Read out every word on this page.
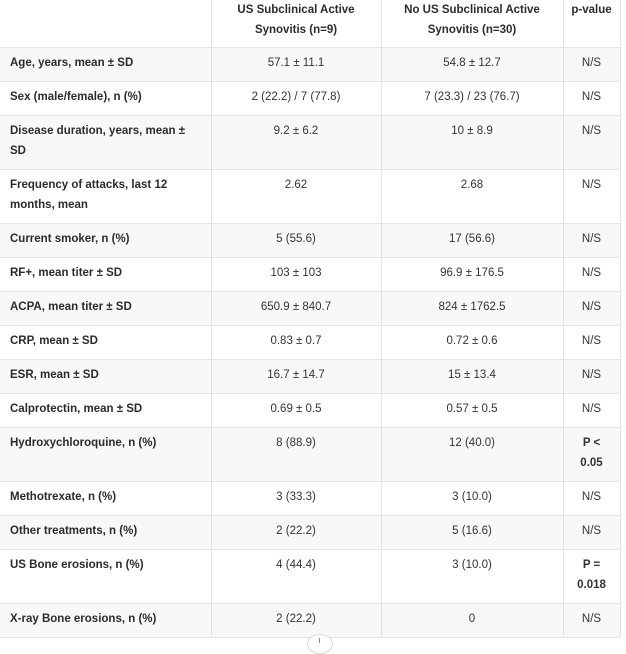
	US Subclinical Active Synovitis (n=9)	No US Subclinical Active Synovitis (n=30)	p-value
Age, years, mean ± SD	57.1 ± 11.1	54.8 ± 12.7	N/S
Sex (male/female), n (%)	2 (22.2) / 7 (77.8)	7 (23.3) / 23 (76.7)	N/S
Disease duration, years, mean ± SD	9.2 ± 6.2	10 ± 8.9	N/S
Frequency of attacks, last 12 months, mean	2.62	2.68	N/S
Current smoker, n (%)	5 (55.6)	17 (56.6)	N/S
RF+, mean titer ± SD	103 ± 103	96.9 ± 176.5	N/S
ACPA, mean titer ± SD	650.9 ± 840.7	824 ± 1762.5	N/S
CRP, mean ± SD	0.83 ± 0.7	0.72 ± 0.6	N/S
ESR, mean ± SD	16.7 ± 14.7	15 ± 13.4	N/S
Calprotectin, mean ± SD	0.69 ± 0.5	0.57 ± 0.5	N/S
Hydroxychloroquine, n (%)	8 (88.9)	12 (40.0)	P < 0.05
Methotrexate, n (%)	3 (33.3)	3 (10.0)	N/S
Other treatments, n (%)	2 (22.2)	5 (16.6)	N/S
US Bone erosions, n (%)	4 (44.4)	3 (10.0)	P = 0.018
X-ray Bone erosions, n (%)	2 (22.2)	0	N/S
